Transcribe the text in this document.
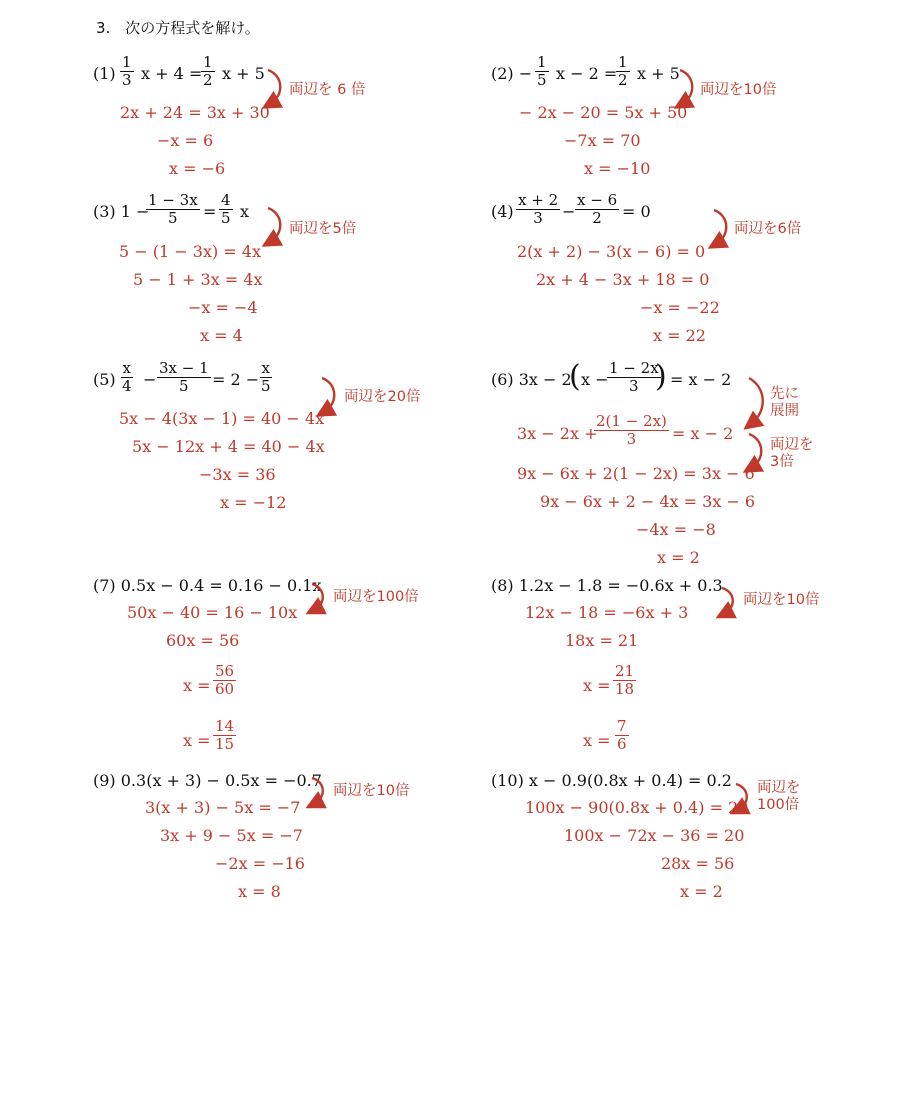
3.　次の方程式を解け。
$(1) \frac{1}{3}$ x + 4 =
$\frac{1}{2}$ x + 5
両辺を 6 倍
2x + 24 = 3x + 30
−x = 6
x = −6
$(2) - \frac{1}{5}$ x − 2 =
$\frac{1}{2}$ x + 5
両辺を10倍
− 2x − 20 = 5x + 50
−7x = 70
x = −10
(3) 1 −
$\frac{1 - 3x}{5} = \frac{4}{5}$ x
両辺を5倍
5 − (1 − 3x) = 4x
5 − 1 + 3x = 4x
−x = −4
x = 4
$(4) \frac{x + 2}{3} - \frac{x - 6}{2} = 0$
両辺を6倍
2(x + 2) − 3(x − 6) = 0
2x + 4 − 3x + 18 = 0
−x = −22
x = 22
$(5) \frac{x}{4} - \frac{3x - 1}{5} = 2 - \frac{x}{5}$
両辺を20倍
5x − 4(3x − 1) = 40 − 4x
5x − 12x + 4 = 40 − 4x
−3x = 36
x = −12
(6) 3x − 2
( x −
$\frac{1 - 2x}{3}$
) = x − 2
先に
展開
3x − 2x +
$\frac{2(1 - 2x)}{3} = x - 2$
両辺を
3倍
9x − 6x + 2(1 − 2x) = 3x − 6
9x − 6x + 2 − 4x = 3x − 6
−4x = −8
x = 2
(7) 0.5x − 0.4 = 0.16 − 0.1x
両辺を100倍
50x − 40 = 16 − 10x
60x = 56
$x = \frac{56}{60}$
$x = \frac{14}{15}$
(8) 1.2x − 1.8 = −0.6x + 0.3
両辺を10倍
12x − 18 = −6x + 3
18x = 21
$x = \frac{21}{18}$
$x = \frac{7}{6}$
(9) 0.3(x + 3) − 0.5x = −0.7
両辺を10倍
3(x + 3) − 5x = −7
3x + 9 − 5x = −7
−2x = −16
x = 8
(10) x − 0.9(0.8x + 0.4) = 0.2 両辺を
100倍
100x − 90(0.8x + 0.4) = 20
100x − 72x − 36 = 20
28x = 56
x = 2
